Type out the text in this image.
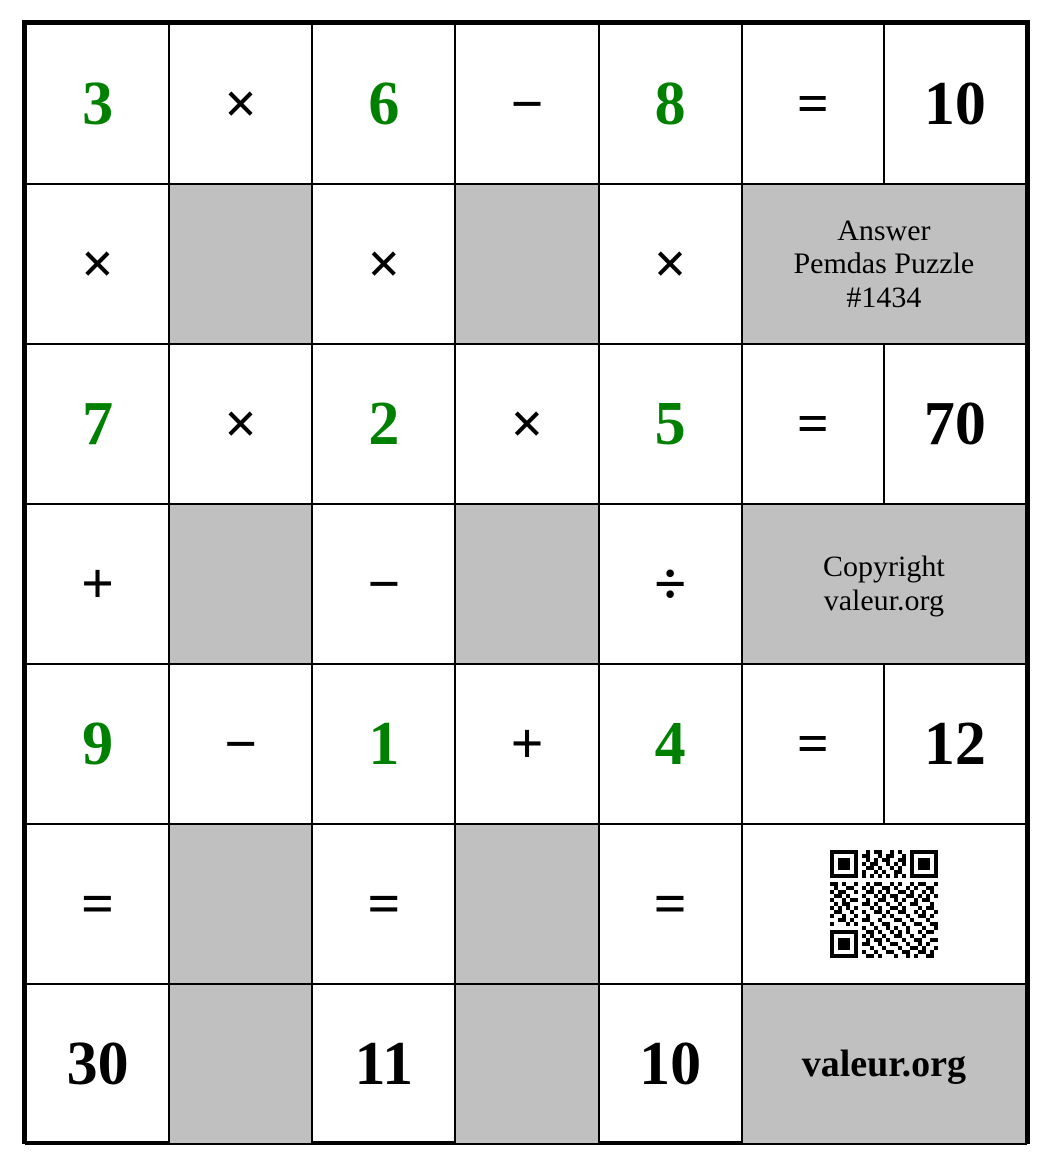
3	×	6	−	8	=	10
×		×		×	Answer
Pemdas Puzzle
#1434	

7	×	2	×	5	=	70
+		−		÷	Copyright
valeur.org	

9	−	1	+	4	=	12
=		=		=	

30		11		10	valeur.org	
